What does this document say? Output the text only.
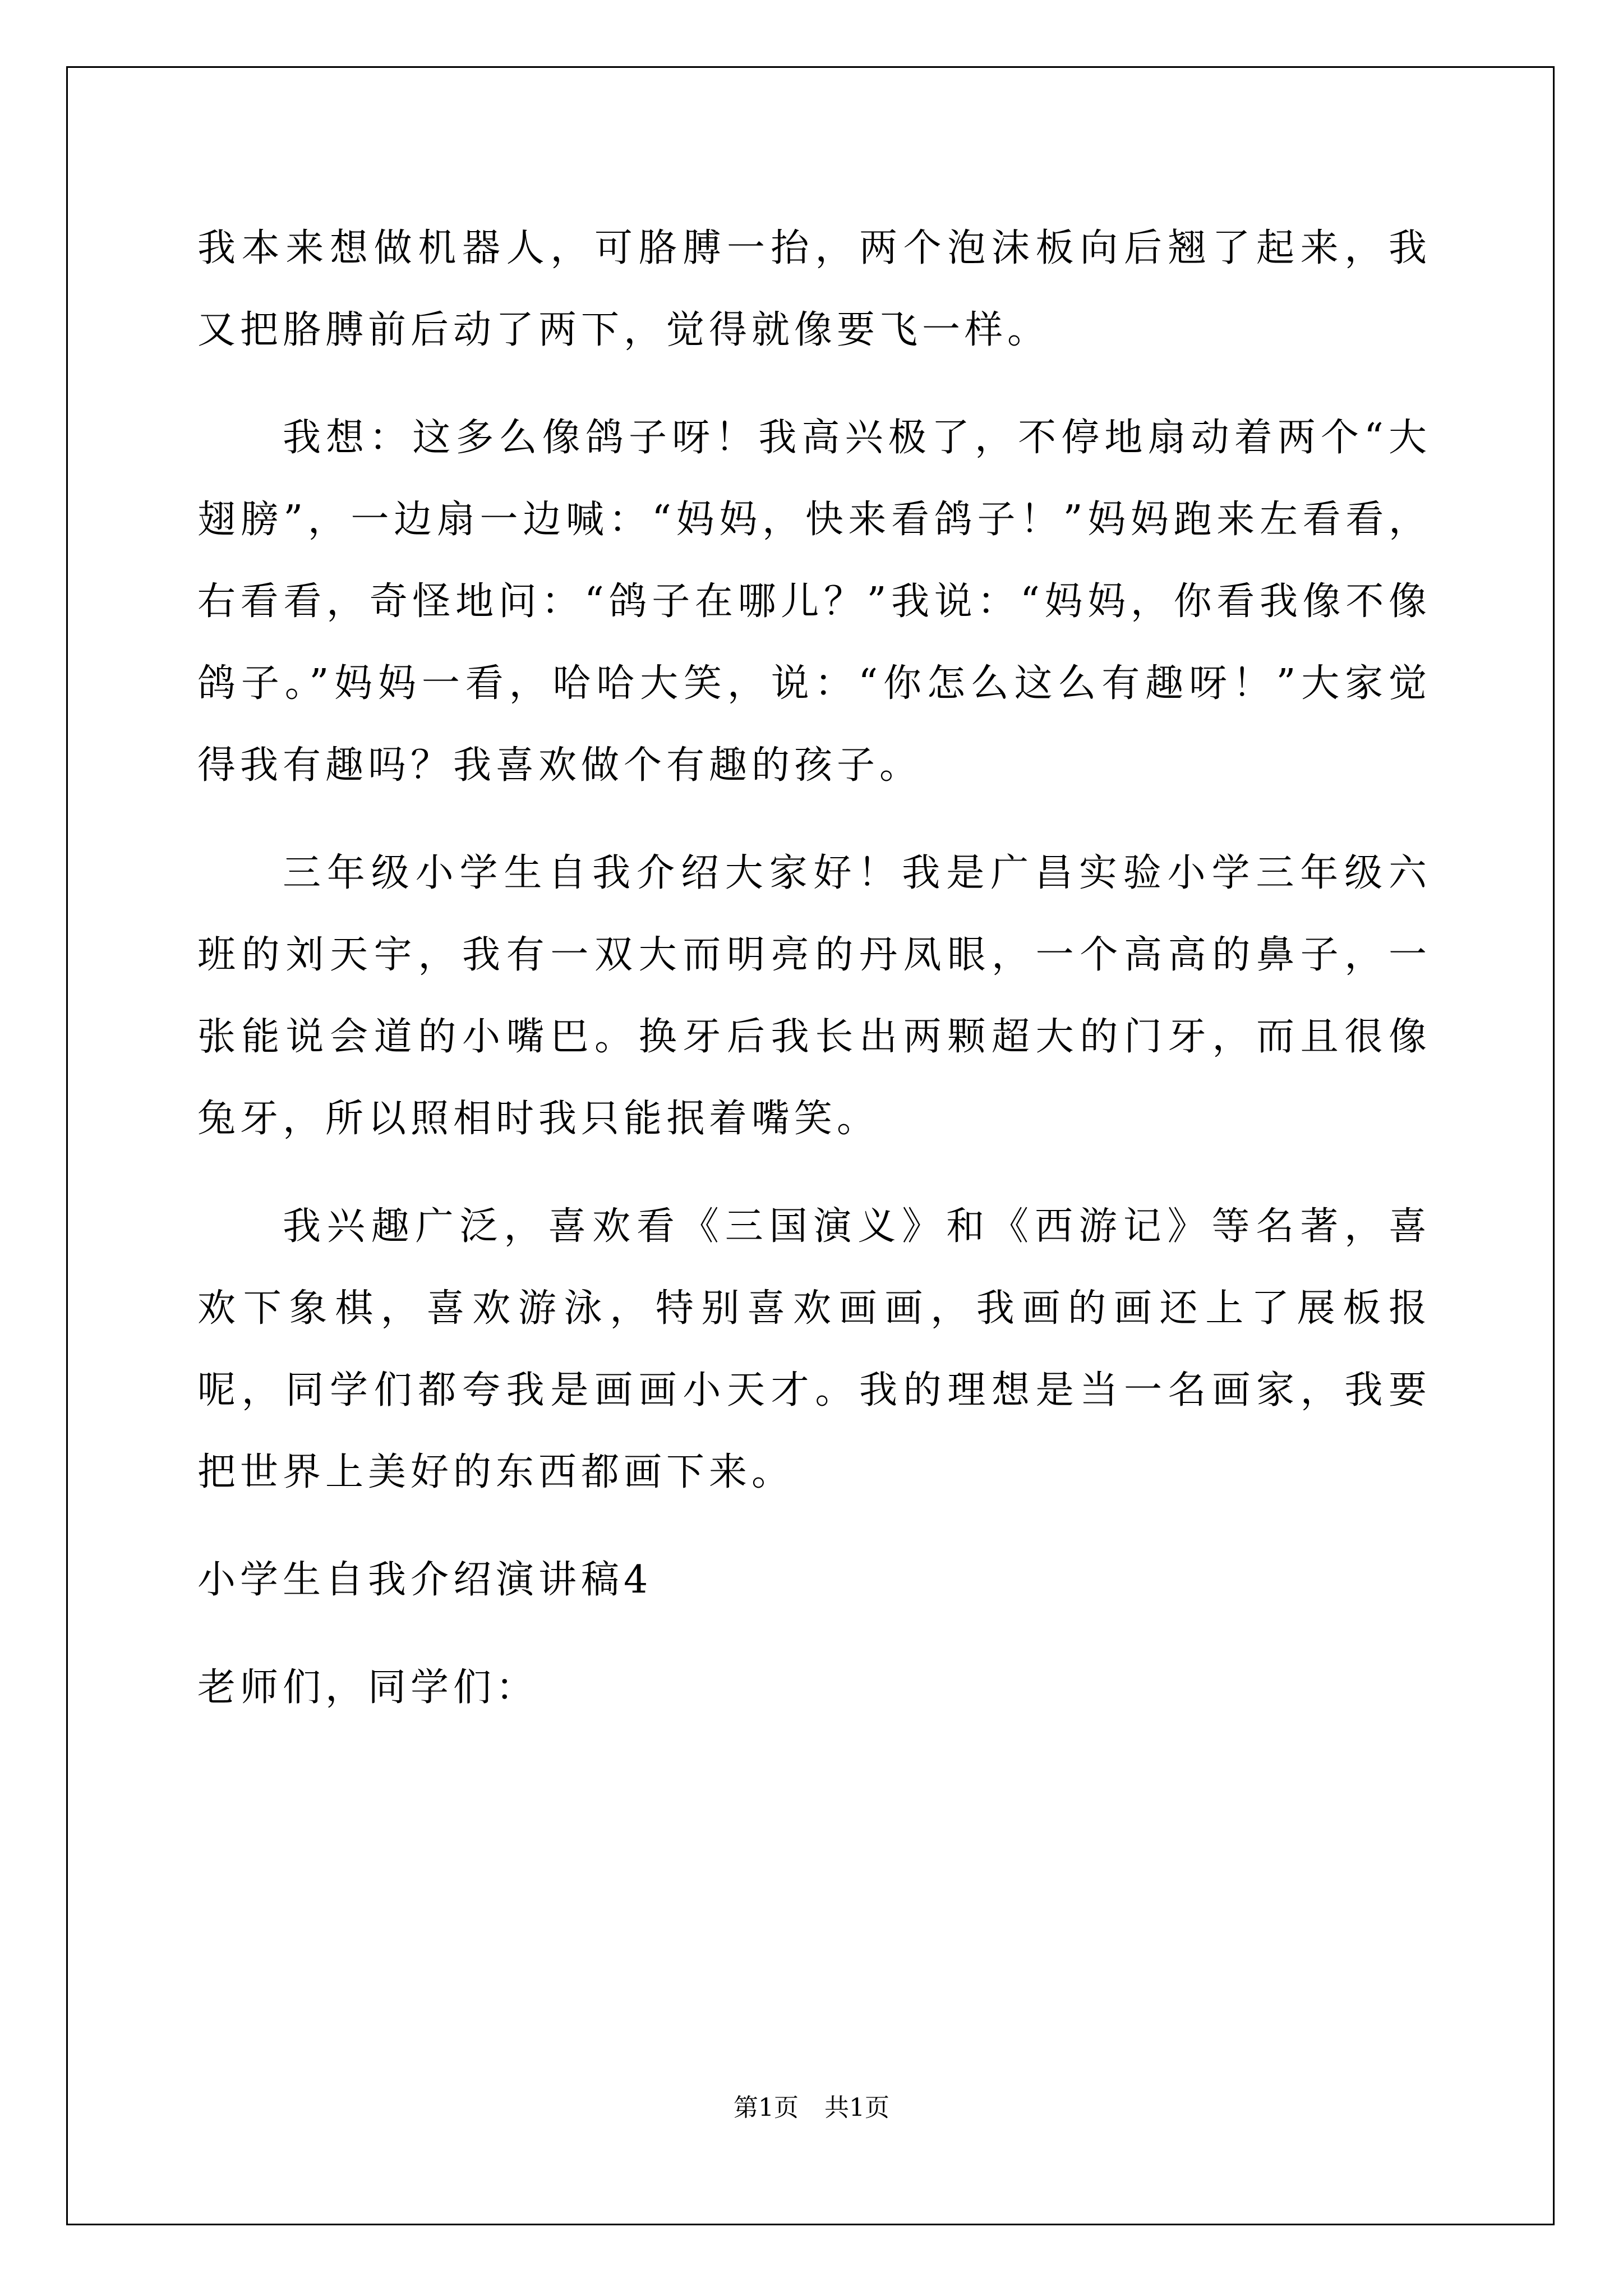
我本来想做机器人，可胳膊一抬，两个泡沫板向后翘了起来，我又把胳膊前后动了两下，觉得就像要飞一样。

我想：这多么像鸽子呀！我高兴极了，不停地扇动着两个“大翅膀”，一边扇一边喊：“妈妈，快来看鸽子！”妈妈跑来左看看，右看看，奇怪地问：“鸽子在哪儿？”我说：“妈妈，你看我像不像鸽子。”妈妈一看，哈哈大笑，说：“你怎么这么有趣呀！”大家觉得我有趣吗？我喜欢做个有趣的孩子。

三年级小学生自我介绍大家好！我是广昌实验小学三年级六班的刘天宇，我有一双大而明亮的丹凤眼，一个高高的鼻子，一张能说会道的小嘴巴。换牙后我长出两颗超大的门牙，而且很像兔牙，所以照相时我只能抿着嘴笑。

我兴趣广泛，喜欢看《三国演义》和《西游记》等名著，喜欢下象棋，喜欢游泳，特别喜欢画画，我画的画还上了展板报呢，同学们都夸我是画画小天才。我的理想是当一名画家，我要把世界上美好的东西都画下来。

小学生自我介绍演讲稿4

老师们，同学们：

第1页 共1页
